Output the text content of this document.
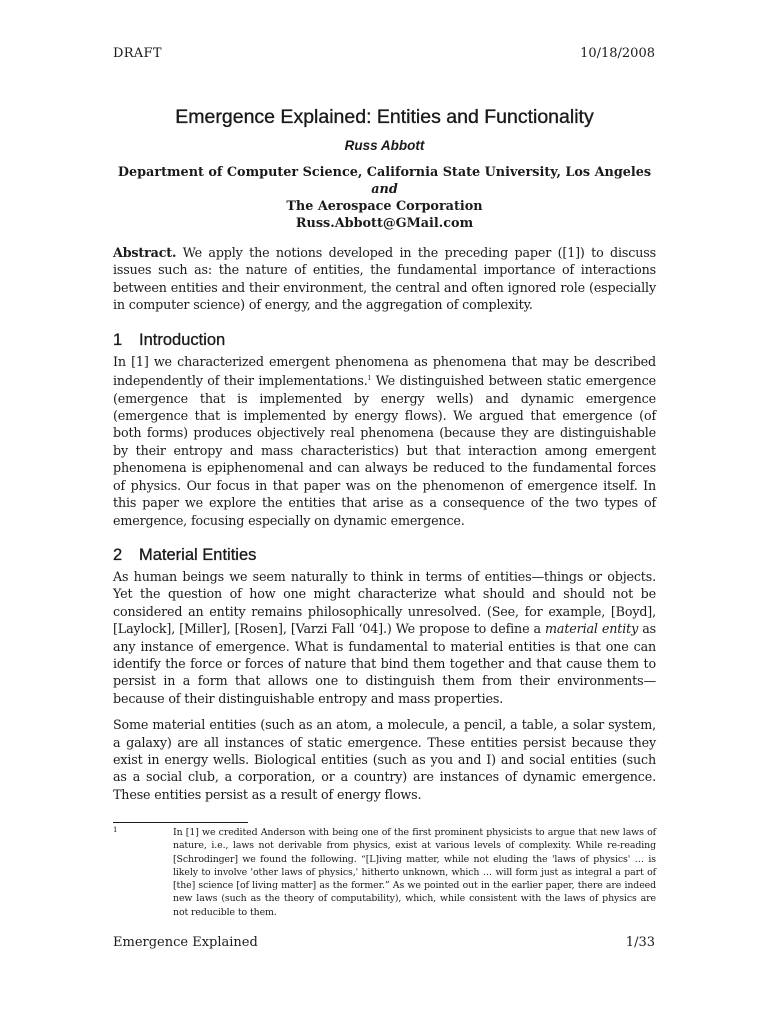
DRAFT	10/18/2008
Emergence Explained: Entities and Functionality
Russ Abbott
Department of Computer Science, California State University, Los Angeles
and
The Aerospace Corporation
Russ.Abbott@GMail.com

Abstract. We apply the notions developed in the preceding paper ([1]) to discuss issues such as: the nature of entities, the fundamental importance of interactions between entities and their environment, the central and often ignored role (especially in computer science) of energy, and the aggregation of complexity.

1 Introduction

In [1] we characterized emergent phenomena as phenomena that may be described independently of their implementations.$^1$ We distinguished between static emergence (emergence that is implemented by energy wells) and dynamic emergence (emergence that is implemented by energy flows). We argued that emergence (of both forms) produces objectively real phenomena (because they are distinguishable by their entropy and mass characteristics) but that interaction among emergent phenomena is epiphenomenal and can always be reduced to the fundamental forces of physics. Our focus in that paper was on the phenomenon of emergence itself. In this paper we explore the entities that arise as a consequence of the two types of emergence, focusing especially on dynamic emergence.

2 Material Entities

As human beings we seem naturally to think in terms of entities—things or objects. Yet the question of how one might characterize what should and should not be considered an entity remains philosophically unresolved. (See, for example, [Boyd], [Laylock], [Miller], [Rosen], [Varzi Fall ‘04].) We propose to define a material entity as any instance of emergence. What is fundamental to material entities is that one can identify the force or forces of nature that bind them together and that cause them to persist in a form that allows one to distinguish them from their environments—because of their distinguishable entropy and mass properties.

Some material entities (such as an atom, a molecule, a pencil, a table, a solar system, a galaxy) are all instances of static emergence. These entities persist because they exist in energy wells. Biological entities (such as you and I) and social entities (such as a social club, a corporation, or a country) are instances of dynamic emergence. These entities persist as a result of energy flows.

1	In [1] we credited Anderson with being one of the first prominent physicists to argue that new laws of nature, i.e., laws not derivable from physics, exist at various levels of complexity. While re-reading [Schrodinger] we found the following. “[L]iving matter, while not eluding the 'laws of physics' … is likely to involve 'other laws of physics,' hitherto unknown, which … will form just as integral a part of [the] science [of living matter] as the former.” As we pointed out in the earlier paper, there are indeed new laws (such as the theory of computability), which, while consistent with the laws of physics are not reducible to them.
Emergence Explained	1/33
